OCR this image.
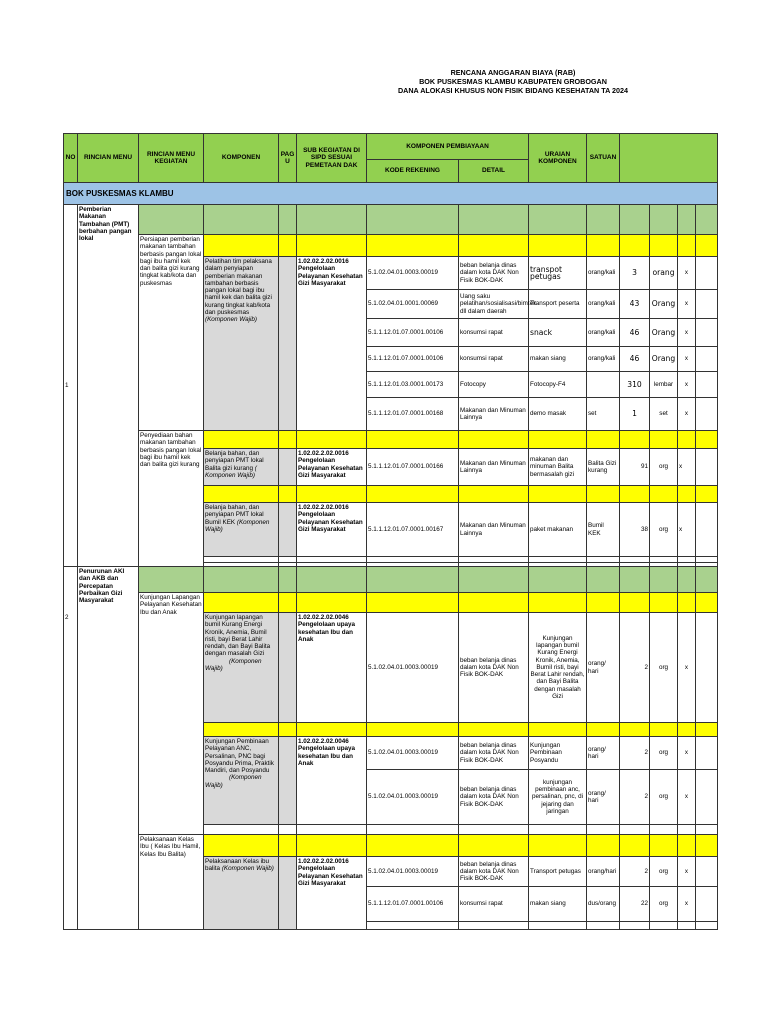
RENCANA ANGGARAN BIAYA (RAB)
BOK PUSKESMAS KLAMBU KABUPATEN GROBOGAN
DANA ALOKASI KHUSUS NON FISIK BIDANG KESEHATAN TA 2024
NO	RINCIAN MENU	RINCIAN MENU KEGIATAN	KOMPONEN	PAG U	SUB KEGIATAN DI SIPD SESUAI PEMETAAN DAK	KOMPONEN PEMBIAYAAN		URAIAN KOMPONEN	SATUAN					
						KODE REKENING	DETAIL							
BOK PUSKESMAS KLAMBU														
1	Pemberian Makanan Tambahan (PMT) berbahan pangan lokal													
		Persiapan pemberian makanan tambahan berbasis pangan lokal bagi ibu hamil kek dan balita gizi kurang tingkat kab/kota dan puskesmas												
			Pelatihan tim pelaksana dalam penyiapan pemberian makanan tambahan berbasis pangan lokal bagi ibu hamil kek dan balita gizi kurang tingkat kab/kota dan puskesmas (Komponen Wajib)		1.02.02.2.02.0016 Pengelolaan Pelayanan Kesehatan Gizi Masyarakat	5.1.02.04.01.0003.00019	beban belanja dinas dalam kota DAK Non Fisik BOK-DAK	transpot petugas	orang/kali	3	orang	x		
						5.1.02.04.01.0001.00069	Uang saku pelatihan/sosialisasi/bimtek dll dalam daerah	Transport peserta	orang/kali	43	Orang	x		
						5.1.1.12.01.07.0001.00106	konsumsi rapat	snack	orang/kali	46	Orang	x		
						5.1.1.12.01.07.0001.00106	konsumsi rapat	makan siang	orang/kali	46	Orang	x		
						5.1.1.12.01.03.0001.00173	Fotocopy	Fotocopy-F4		310	lembar	x		
						5.1.1.12.01.07.0001.00168	Makanan dan Minuman Lainnya	demo masak	set	1	set	x		
		Penyediaan bahan makanan tambahan berbasis pangan lokal bagi ibu hamil kek dan balita gizi kurang												
			Belanja bahan, dan penyiapan PMT lokal Balita gizi kurang ( Komponen Wajib)		1.02.02.2.02.0016 Pengelolaan Pelayanan Kesehatan Gizi Masyarakat	5.1.1.12.01.07.0001.00166	Makanan dan Minuman Lainnya	makanan dan minuman Balita bermasalah gizi	Balita Gizi kurang	91	org	x		

			Belanja bahan, dan penyiapan PMT lokal Bumil KEK (Komponen Wajib)		1.02.02.2.02.0016 Pengelolaan Pelayanan Kesehatan Gizi Masyarakat	5.1.1.12.01.07.0001.00167	Makanan dan Minuman Lainnya	paket makanan	Bumil KEK	38	org	x		

2	Penurunan AKI dan AKB dan Percepatan Perbaikan Gizi Masyarakat													
		Kunjungan Lapangan Pelayanan Kesehatan Ibu dan Anak												
			Kunjungan lapangan bumil Kurang Energi Kronik, Anemia, Bumil risti, bayi Berat Lahir rendah, dan Bayi Balita dengan masalah Gizi
(Komponen Wajib)		1.02.02.2.02.0046 Pengelolaan upaya kesehatan Ibu dan Anak	5.1.02.04.01.0003.00019	beban belanja dinas dalam kota DAK Non Fisik BOK-DAK	Kunjungan lapangan bumil Kurang Energi Kronik, Anemia, Bumil risti, bayi Berat Lahir rendah, dan Bayi Balita dengan masalah Gizi	orang/ hari	2	org	x		

			Kunjungan Pembinaan Pelayanan ANC, Persalinan, PNC bagi Posyandu Prima, Praktik Mandiri, dan Posyandu
(Komponen Wajib)		1.02.02.2.02.0046 Pengelolaan upaya kesehatan Ibu dan Anak	5.1.02.04.01.0003.00019	beban belanja dinas dalam kota DAK Non Fisik BOK-DAK	Kunjungan Pembinaan Posyandu	orang/ hari	2	org	x		
						5.1.02.04.01.0003.00019	beban belanja dinas dalam kota DAK Non Fisik BOK-DAK	kunjungan pembinaan anc, persalinan, pnc, di jejaring dan jaringan	orang/ hari	2	org	x		

		Pelaksanaan Kelas Ibu ( Kelas Ibu Hamil, Kelas Ibu Balita)												
			Pelaksanaan Kelas ibu balita (Komponen Wajib)		1.02.02.2.02.0016 Pengelolaan Pelayanan Kesehatan Gizi Masyarakat	5.1.02.04.01.0003.00019	beban belanja dinas dalam kota DAK Non Fisik BOK-DAK	Transport petugas	orang/hari	2	org	x		
						5.1.1.12.01.07.0001.00106	konsumsi rapat	makan siang	dus/orang	22	org	x		
